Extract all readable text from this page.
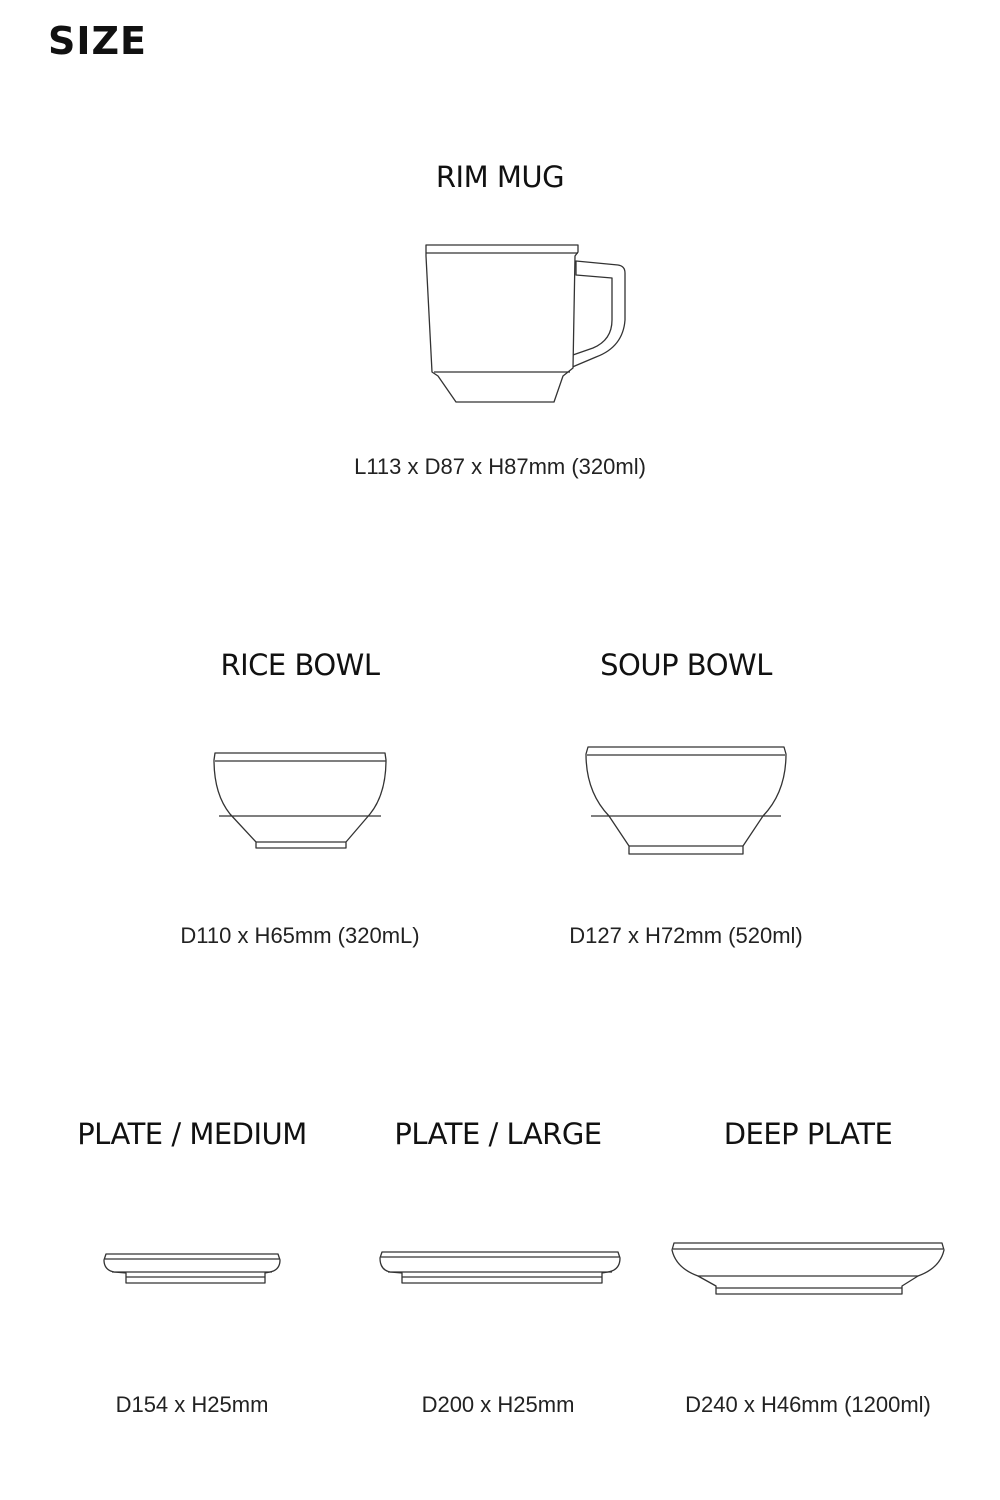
SIZE
RIM MUG
L113 x D87 x H87mm (320ml)
RICE BOWL
D110 x H65mm (320mL)
SOUP BOWL
D127 x H72mm (520ml)
PLATE / MEDIUM
D154 x H25mm
PLATE / LARGE
D200 x H25mm
DEEP PLATE
D240 x H46mm (1200ml)
